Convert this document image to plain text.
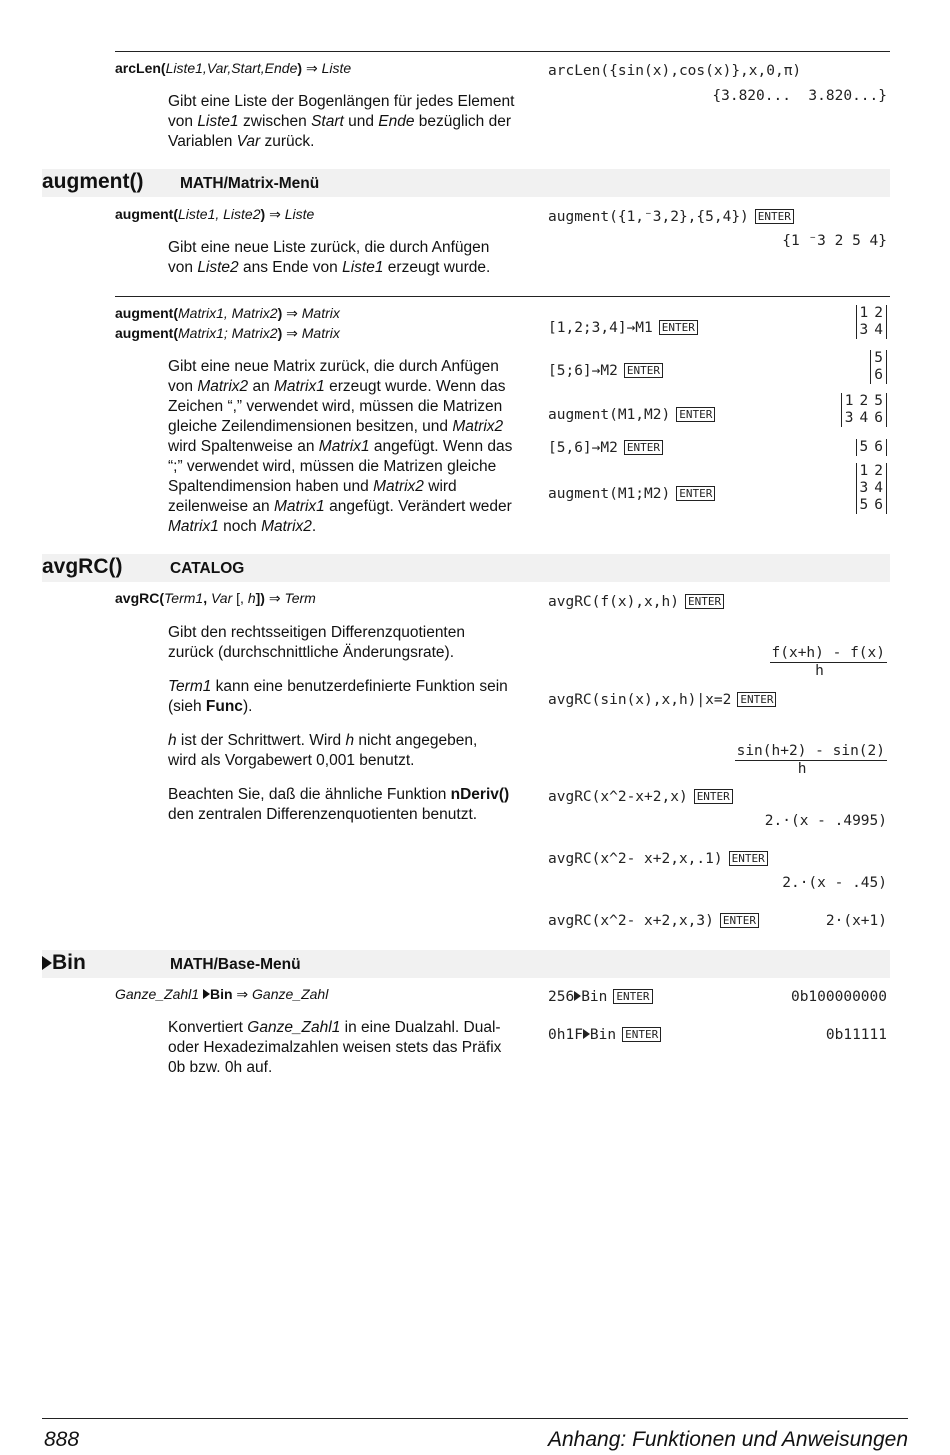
arcLen(Liste1,Var,Start,Ende) ⇒ Liste
Gibt eine Liste der Bogenlängen für jedes Element
von Liste1 zwischen Start und Ende bezüglich der
Variablen Var zurück.
arcLen({sin(x),cos(x)},x,0,π)
{3.820...  3.820...}
augment() MATH/Matrix-Menü
augment(Liste1, Liste2) ⇒ Liste
Gibt eine neue Liste zurück, die durch Anfügen
von Liste2 ans Ende von Liste1 erzeugt wurde.
augment({1,⁻3,2},{5,4}) ENTER
{1 ⁻3 2 5 4}
augment(Matrix1, Matrix2) ⇒ Matrix
augment(Matrix1; Matrix2) ⇒ Matrix
Gibt eine neue Matrix zurück, die durch Anfügen
von Matrix2 an Matrix1 erzeugt wurde. Wenn das
Zeichen “,” verwendet wird, müssen die Matrizen
gleiche Zeilendimensionen besitzen, und Matrix2
wird Spaltenweise an Matrix1 angefügt. Wenn das
“;” verwendet wird, müssen die Matrizen gleiche
Spaltendimension haben und Matrix2 wird
zeilenweise an Matrix1 angefügt. Verändert weder
Matrix1 noch Matrix2.
[1,2;3,4]→M1 ENTER
1	2
3	4
[5;6]→M2 ENTER
5
6
augment(M1,M2) ENTER
1	2	5
3	4	6
[5,6]→M2 ENTER	5	6
augment(M1;M2) ENTER
1	2
3	4
5	6
avgRC()	CATALOG
avgRC(Term1, Var [, h]) ⇒ Term
Gibt den rechtsseitigen Differenzquotienten
zurück (durchschnittliche Änderungsrate).
Term1 kann eine benutzerdefinierte Funktion sein
(sieh Func).
h ist der Schrittwert. Wird h nicht angegeben,
wird als Vorgabewert 0,001 benutzt.
Beachten Sie, daß die ähnliche Funktion nDeriv()
den zentralen Differenzenquotienten benutzt.
avgRC(f(x),x,h) ENTER

$\frac{f(x+h) - f(x)}{h}$

avgRC(sin(x),x,h)|x=2 ENTER

$\frac{\sin(h+2) - \sin(2)}{h}$

avgRC(x^2-x+2,x) ENTER
2.·(x - .4995)
avgRC(x^2- x+2,x,.1) ENTER
2.·(x - .45)
avgRC(x^2- x+2,x,3) ENTER	2·(x+1)
Bin	MATH/Base-Menü
Ganze_Zahl1 Bin ⇒ Ganze_Zahl
Konvertiert Ganze_Zahl1 in eine Dualzahl. Dual-
oder Hexadezimalzahlen weisen stets das Präfix
0b bzw. 0h auf.
256 Bin ENTER	0b100000000
0h1F Bin ENTER	0b11111
888	Anhang: Funktionen und Anweisungen
